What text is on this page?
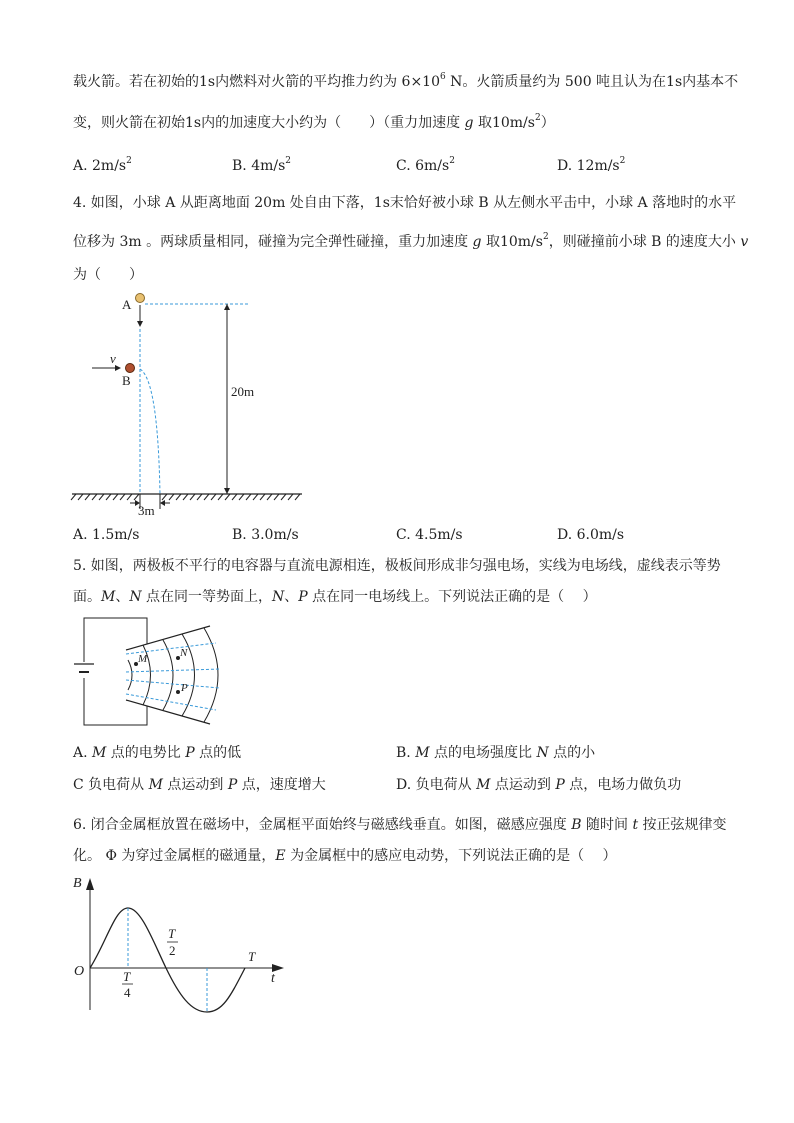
载火箭。若在初始的1s内燃料对火箭的平均推力约为 $6\times 10^6$ N。火箭质量约为 500 吨且认为在1s内基本不
变，则火箭在初始1s内的加速度大小约为（　　）（重力加速度 g 取$10m/s^2$）
A. $2m/s^2$	B. $4m/s^2$	C. $6m/s^2$	D. $12m/s^2$
4. 如图，小球 A 从距离地面 20m 处自由下落，1s末恰好被小球 B 从左侧水平击中，小球 A 落地时的水平
位移为 3m 。两球质量相同，碰撞为完全弹性碰撞，重力加速度 g 取$10m/s^2$，则碰撞前小球 B 的速度大小 v
为（　　）
A
B
v
20m
3m
A. 1.5m/s	B. 3.0m/s	C. 4.5m/s	D. 6.0m/s
5. 如图，两极板不平行的电容器与直流电源相连，极板间形成非匀强电场，实线为电场线，虚线表示等势
面。M、N 点在同一等势面上，N、P 点在同一电场线上。下列说法正确的是（　 ）
M	N
P
A. M 点的电势比 P 点的低	B. M 点的电场强度比 N 点的小
C 负电荷从 M 点运动到 P 点，速度增大	D. 负电荷从 M 点运动到 P 点，电场力做负功
6. 闭合金属框放置在磁场中，金属框平面始终与磁感线垂直。如图，磁感应强度 B 随时间 t 按正弦规律变
化。 Φ 为穿过金属框的磁通量，E 为金属框中的感应电动势，下列说法正确的是（　 ）
B
t
O
T
2
T
4
T
